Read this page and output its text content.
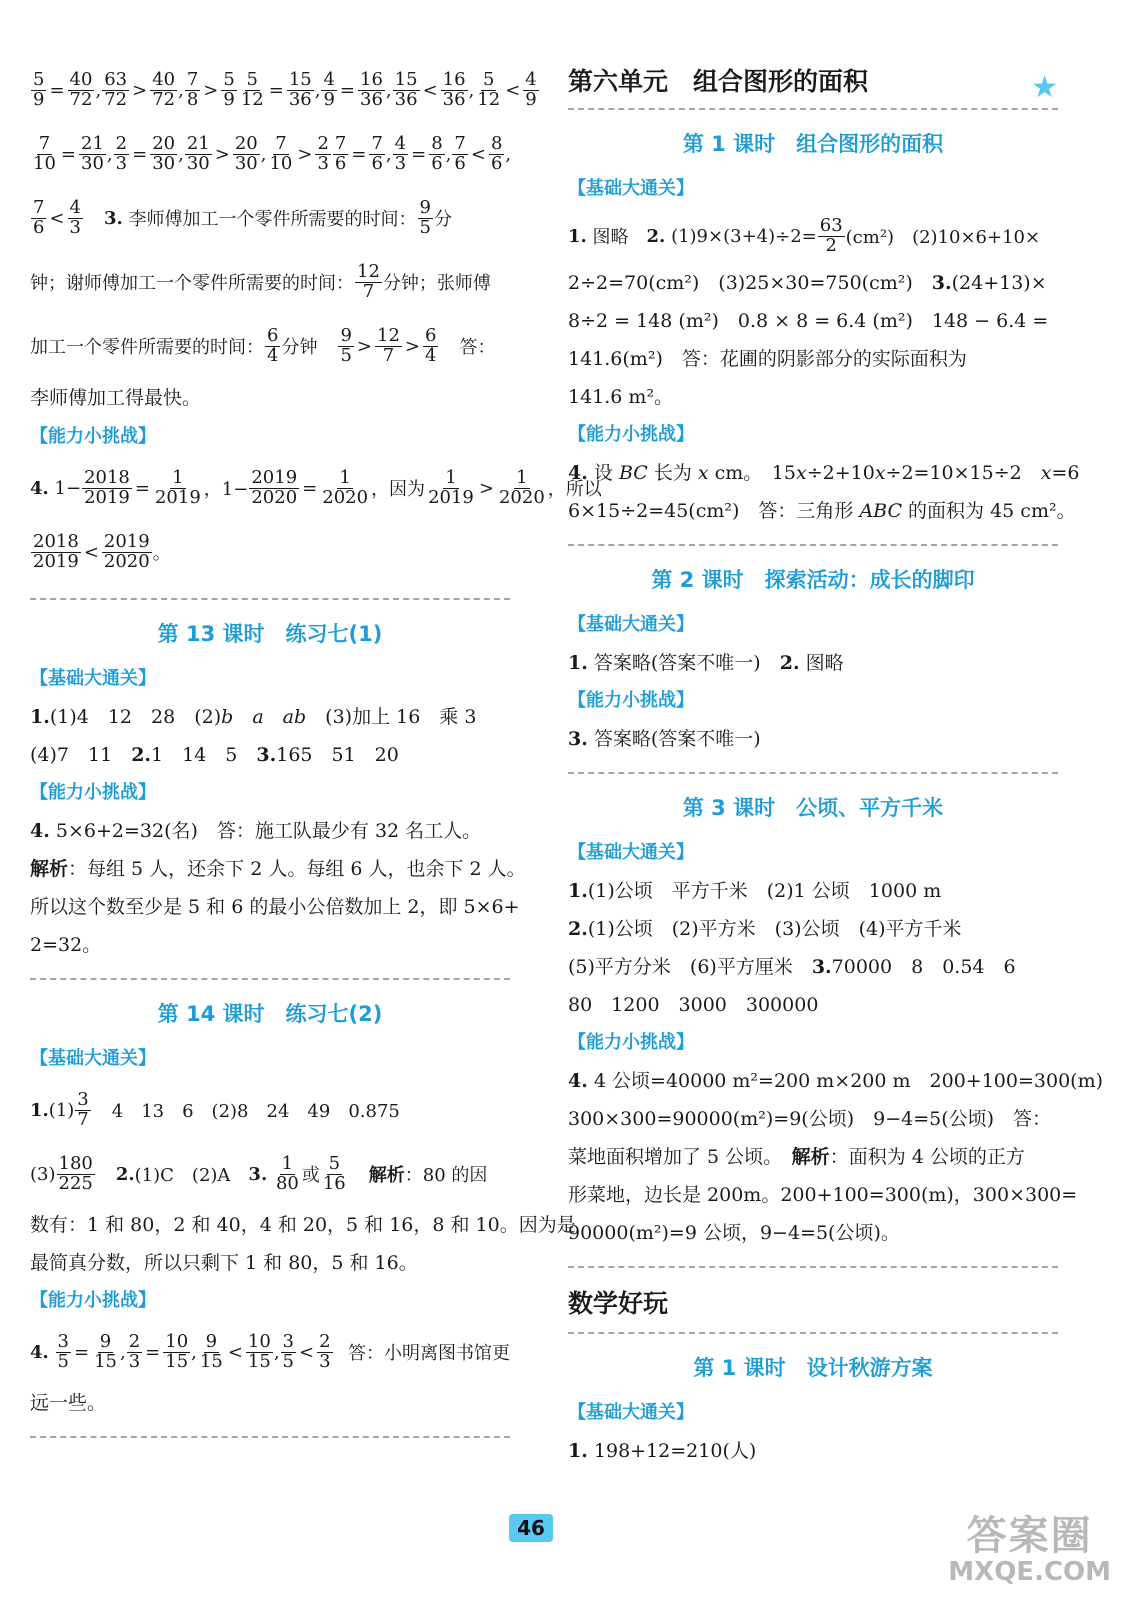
$\frac{5}{9} = \frac{40}{72}$ , $\frac{63}{72} > \frac{40}{72}$ , $\frac{7}{8} > \frac{5}{9} \frac{5}{12} = \frac{15}{36}$ , $\frac{4}{9} = \frac{16}{36}$ , $\frac{15}{36} < \frac{16}{36}$ , $\frac{5}{12} < \frac{4}{9}$
$\frac{7}{10} = \frac{21}{30}$ , $\frac{2}{3} = \frac{20}{30}$ , $\frac{21}{30} > \frac{20}{30}$ , $\frac{7}{10} > \frac{2}{3} \frac{7}{6} = \frac{7}{6}$ , $\frac{4}{3} = \frac{8}{6}$ , $\frac{7}{6} < \frac{8}{6}$ ,
$\frac{7}{6} < \frac{4}{3} 3$.
李师傅加工一个零件所需要的时间： $\frac{9}{5}$ 分
钟；谢师傅加工一个零件所需要的时间： $\frac{12}{7}$ 分钟；张师傅
加工一个零件所需要的时间： $\frac{6}{4}$ 分钟 $\frac{9}{5} > \frac{12}{7} > \frac{6}{4}$ 答：
李师傅加工得最快。
【能力小挑战】
4.
$1- \frac{2018}{2019} = \frac{1}{2019}$ ，$1- \frac{2019}{2020} = \frac{1}{2020}$ ，因为 $\frac{1}{2019} > \frac{1}{2020}$ ，所以
$\frac{2018}{2019} < \frac{2019}{2020}$ 。
第 13 课时　练习七(1)
【基础大通关】
1.(1)4　12　28　(2)b　 a　 ab　(3)加上 16　乘 3
(4)7　11　2.1　14　5　3.165　51　20
【能力小挑战】
4. 5×6+2=32(名)　答：施工队最少有 32 名工人。
解析：每组 5 人，还余下 2 人。每组 6 人，也余下 2 人。
所以这个数至少是 5 和 6 的最小公倍数加上 2，即 5×6+
2=32。
第 14 课时　练习七(2)
【基础大通关】
1. $(1) \frac{3}{7} 4$　13　6　(2)8　24　49　0.875
$(3) \frac{180}{225} 2$. (1)C　(2)A　 3.
$\frac{1}{80}$ 或 $\frac{5}{16}$ 解析 ：80 的因
数有：1 和 80，2 和 40，4 和 20，5 和 16，8 和 10。因为是
最简真分数，所以只剩下 1 和 80，5 和 16。
【能力小挑战】
4.
$\frac{3}{5} = \frac{9}{15}$ , $\frac{2}{3} = \frac{10}{15}$ , $\frac{9}{15} < \frac{10}{15}$ , $\frac{3}{5} < \frac{2}{3}$ 答：小明离图书馆更
远一些。
第六单元　组合图形的面积	★
第 1 课时　组合图形的面积
【基础大通关】
1.
图略　 2.
$(1)9\times(3+4)\div 2= \frac{63}{2} (cm^2)$　(2)10×6+10×
2÷2=70(cm²)　(3)25×30=750(cm²)　3.(24+13)×
8÷2 = 148 (m²)　0.8 × 8 = 6.4 (m²)　148 − 6.4 =
141.6(m²)　答：花圃的阴影部分的实际面积为
141.6 m²。
【能力小挑战】
4. 设 BC 长为 x cm。　15x÷2+10x÷2=10×15÷2　x=6
6×15÷2=45(cm²)　答：三角形 ABC 的面积为 45 cm²。
第 2 课时　探索活动：成长的脚印
【基础大通关】
1. 答案略(答案不唯一)　2. 图略
【能力小挑战】
3. 答案略(答案不唯一)
第 3 课时　公顷、平方千米
【基础大通关】
1.(1)公顷　平方千米　(2)1 公顷　1000 m
2.(1)公顷　(2)平方米　(3)公顷　(4)平方千米
(5)平方分米　(6)平方厘米　3.70000　8　0.54　6
80　1200　3000　300000
【能力小挑战】
4. 4 公顷=40000 m²=200 m×200 m　200+100=300(m)
300×300=90000(m²)=9(公顷)　9−4=5(公顷)　答：
菜地面积增加了 5 公顷。　解析：面积为 4 公顷的正方
形菜地，边长是 200m。200+100=300(m)，300×300=
90000(m²)=9 公顷，9−4=5(公顷)。
数学好玩
第 1 课时　设计秋游方案
【基础大通关】
1. 198+12=210(人)
46	答案圈
MXQE.COM
